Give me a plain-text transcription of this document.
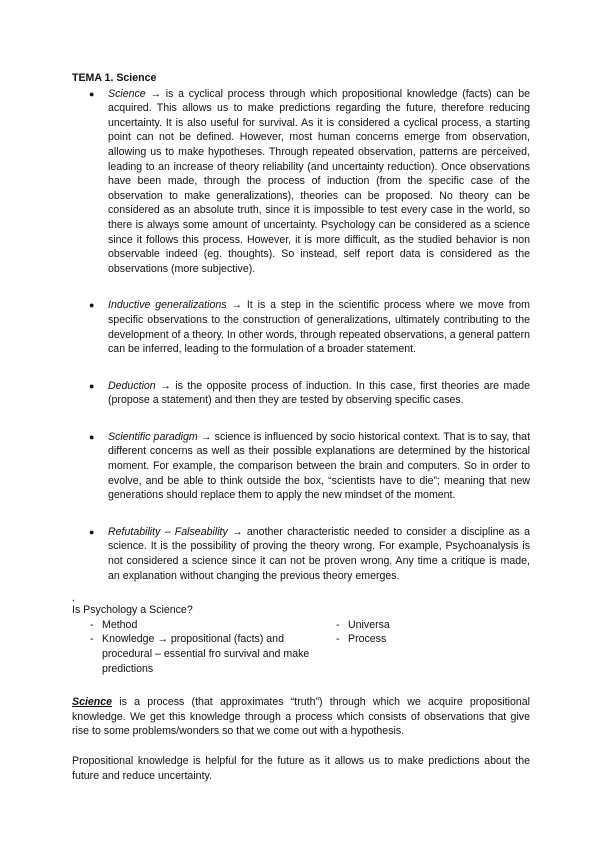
TEMA 1. Science
● Science → is a cyclical process through which propositional knowledge (facts) can be acquired. This allows us to make predictions regarding the future, therefore reducing uncertainty. It is also useful for survival. As it is considered a cyclical process, a starting point can not be defined. However, most human concerns emerge from observation, allowing us to make hypotheses. Through repeated observation, patterns are perceived, leading to an increase of theory reliability (and uncertainty reduction). Once observations have been made, through the process of induction (from the specific case of the observation to make generalizations), theories can be proposed. No theory can be considered as an absolute truth, since it is impossible to test every case in the world, so there is always some amount of uncertainty. Psychology can be considered as a science since it follows this process. However, it is more difficult, as the studied behavior is non observable indeed (eg. thoughts). So instead, self report data is considered as the observations (more subjective).
● Inductive generalizations → It is a step in the scientific process where we move from specific observations to the construction of generalizations, ultimately contributing to the development of a theory. In other words, through repeated observations, a general pattern can be inferred, leading to the formulation of a broader statement.
● Deduction → is the opposite process of induction. In this case, first theories are made (propose a statement) and then they are tested by observing specific cases.
● Scientific paradigm → science is influenced by socio historical context. That is to say, that different concerns as well as their possible explanations are determined by the historical moment. For example, the comparison between the brain and computers. So in order to evolve, and be able to think outside the box, “scientists have to die”; meaning that new generations should replace them to apply the new mindset of the moment.
● Refutability – Falseability → another characteristic needed to consider a discipline as a science. It is the possibility of proving the theory wrong. For example, Psychoanalysis is not considered a science since it can not be proven wrong. Any time a critique is made, an explanation without changing the previous theory emerges.
.
Is Psychology a Science?
- Method
- Knowledge → propositional (facts) and procedural – essential fro survival and make predictions
- Universa
- Process

Science is a process (that approximates “truth”) through which we acquire propositional knowledge. We get this knowledge through a process which consists of observations that give rise to some problems/wonders so that we come out with a hypothesis.

Propositional knowledge is helpful for the future as it allows us to make predictions about the future and reduce uncertainty.
